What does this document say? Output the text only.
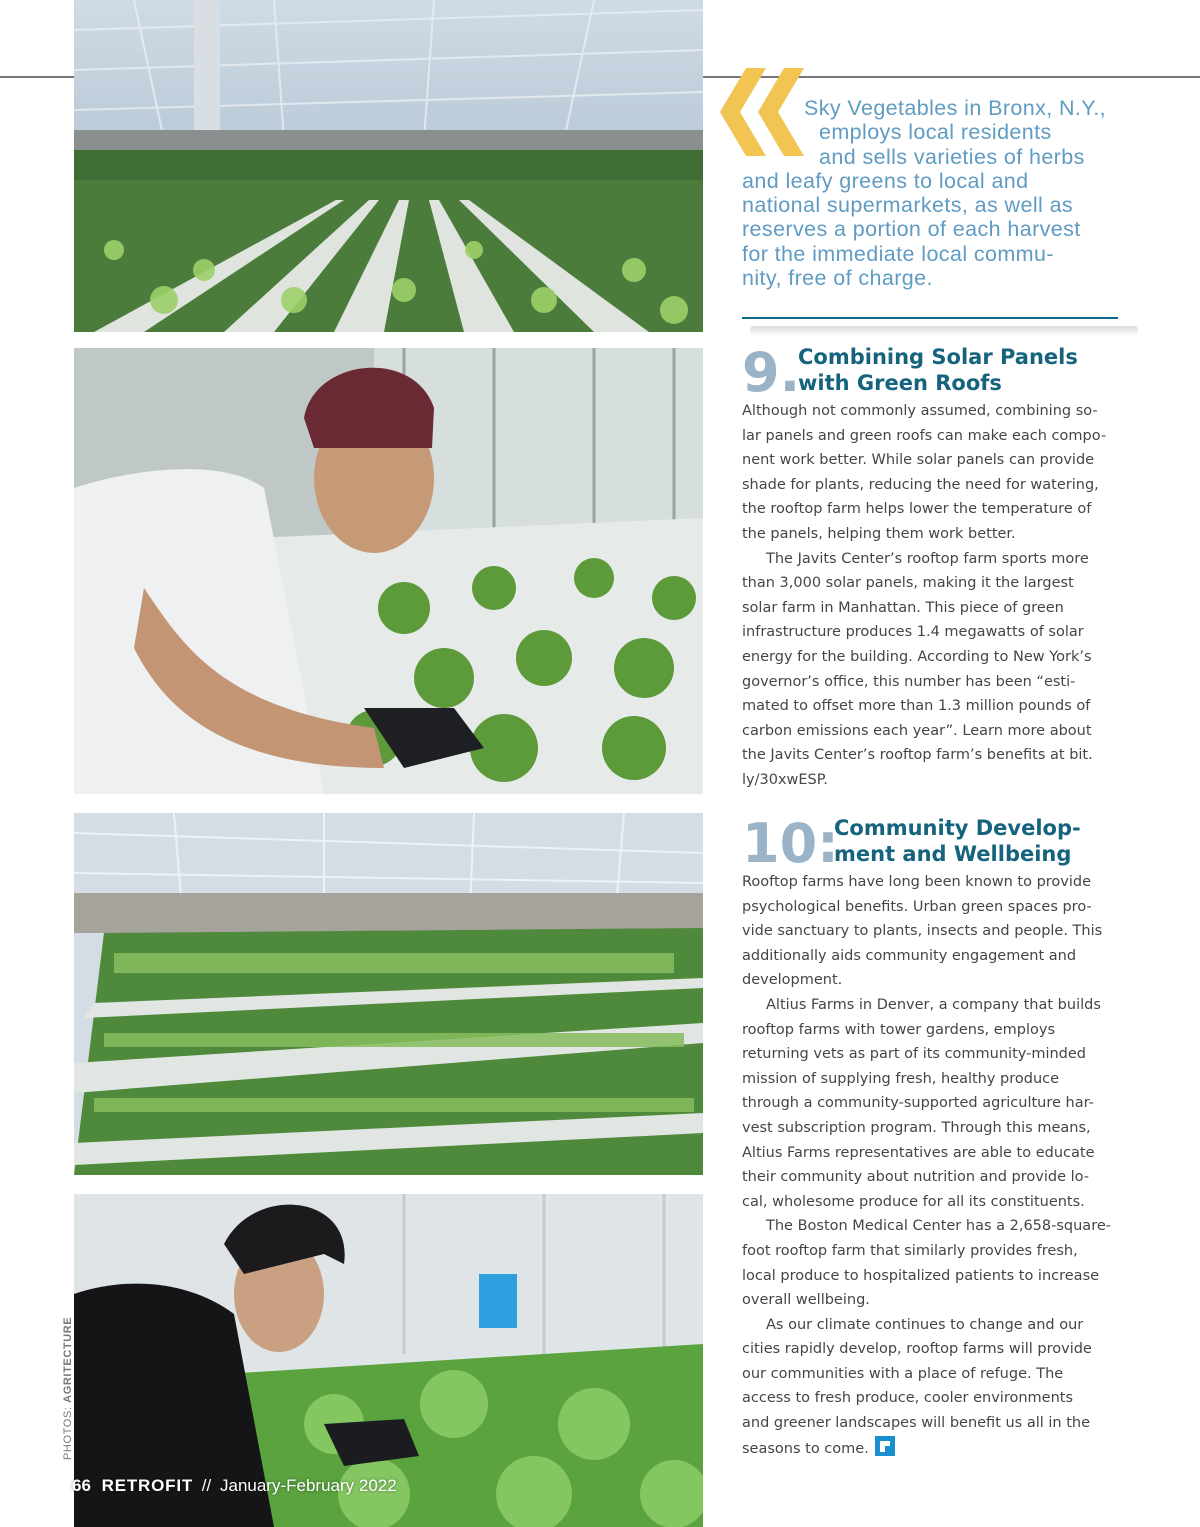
PHOTOS: AGRITECTURE
66 RETROFIT // January-February 2022
Sky Vegetables in Bronx, N.Y.,
employs local residents
and sells varieties of herbs
and leafy greens to local and
national supermarkets, as well as
reserves a portion of each harvest
for the immediate local commu-
nity, free of charge.
9.
Combining Solar Panels
with Green Roofs
Although not commonly assumed, combining so-
lar panels and green roofs can make each compo-
nent work better. While solar panels can provide
shade for plants, reducing the need for watering,
the rooftop farm helps lower the temperature of
the panels, helping them work better.
The Javits Center’s rooftop farm sports more
than 3,000 solar panels, making it the largest
solar farm in Manhattan. This piece of green
infrastructure produces 1.4 megawatts of solar
energy for the building. According to New York’s
governor’s office, this number has been “esti-
mated to offset more than 1.3 million pounds of
carbon emissions each year”. Learn more about
the Javits Center’s rooftop farm’s benefits at bit.
ly/30xwESP.
10:
Community Develop-
ment and Wellbeing
Rooftop farms have long been known to provide
psychological benefits. Urban green spaces pro-
vide sanctuary to plants, insects and people. This
additionally aids community engagement and
development.
Altius Farms in Denver, a company that builds
rooftop farms with tower gardens, employs
returning vets as part of its community-minded
mission of supplying fresh, healthy produce
through a community-supported agriculture har-
vest subscription program. Through this means,
Altius Farms representatives are able to educate
their community about nutrition and provide lo-
cal, wholesome produce for all its constituents.
The Boston Medical Center has a 2,658-square-
foot rooftop farm that similarly provides fresh,
local produce to hospitalized patients to increase
overall wellbeing.
As our climate continues to change and our
cities rapidly develop, rooftop farms will provide
our communities with a place of refuge. The
access to fresh produce, cooler environments
and greener landscapes will benefit us all in the
seasons to come.
